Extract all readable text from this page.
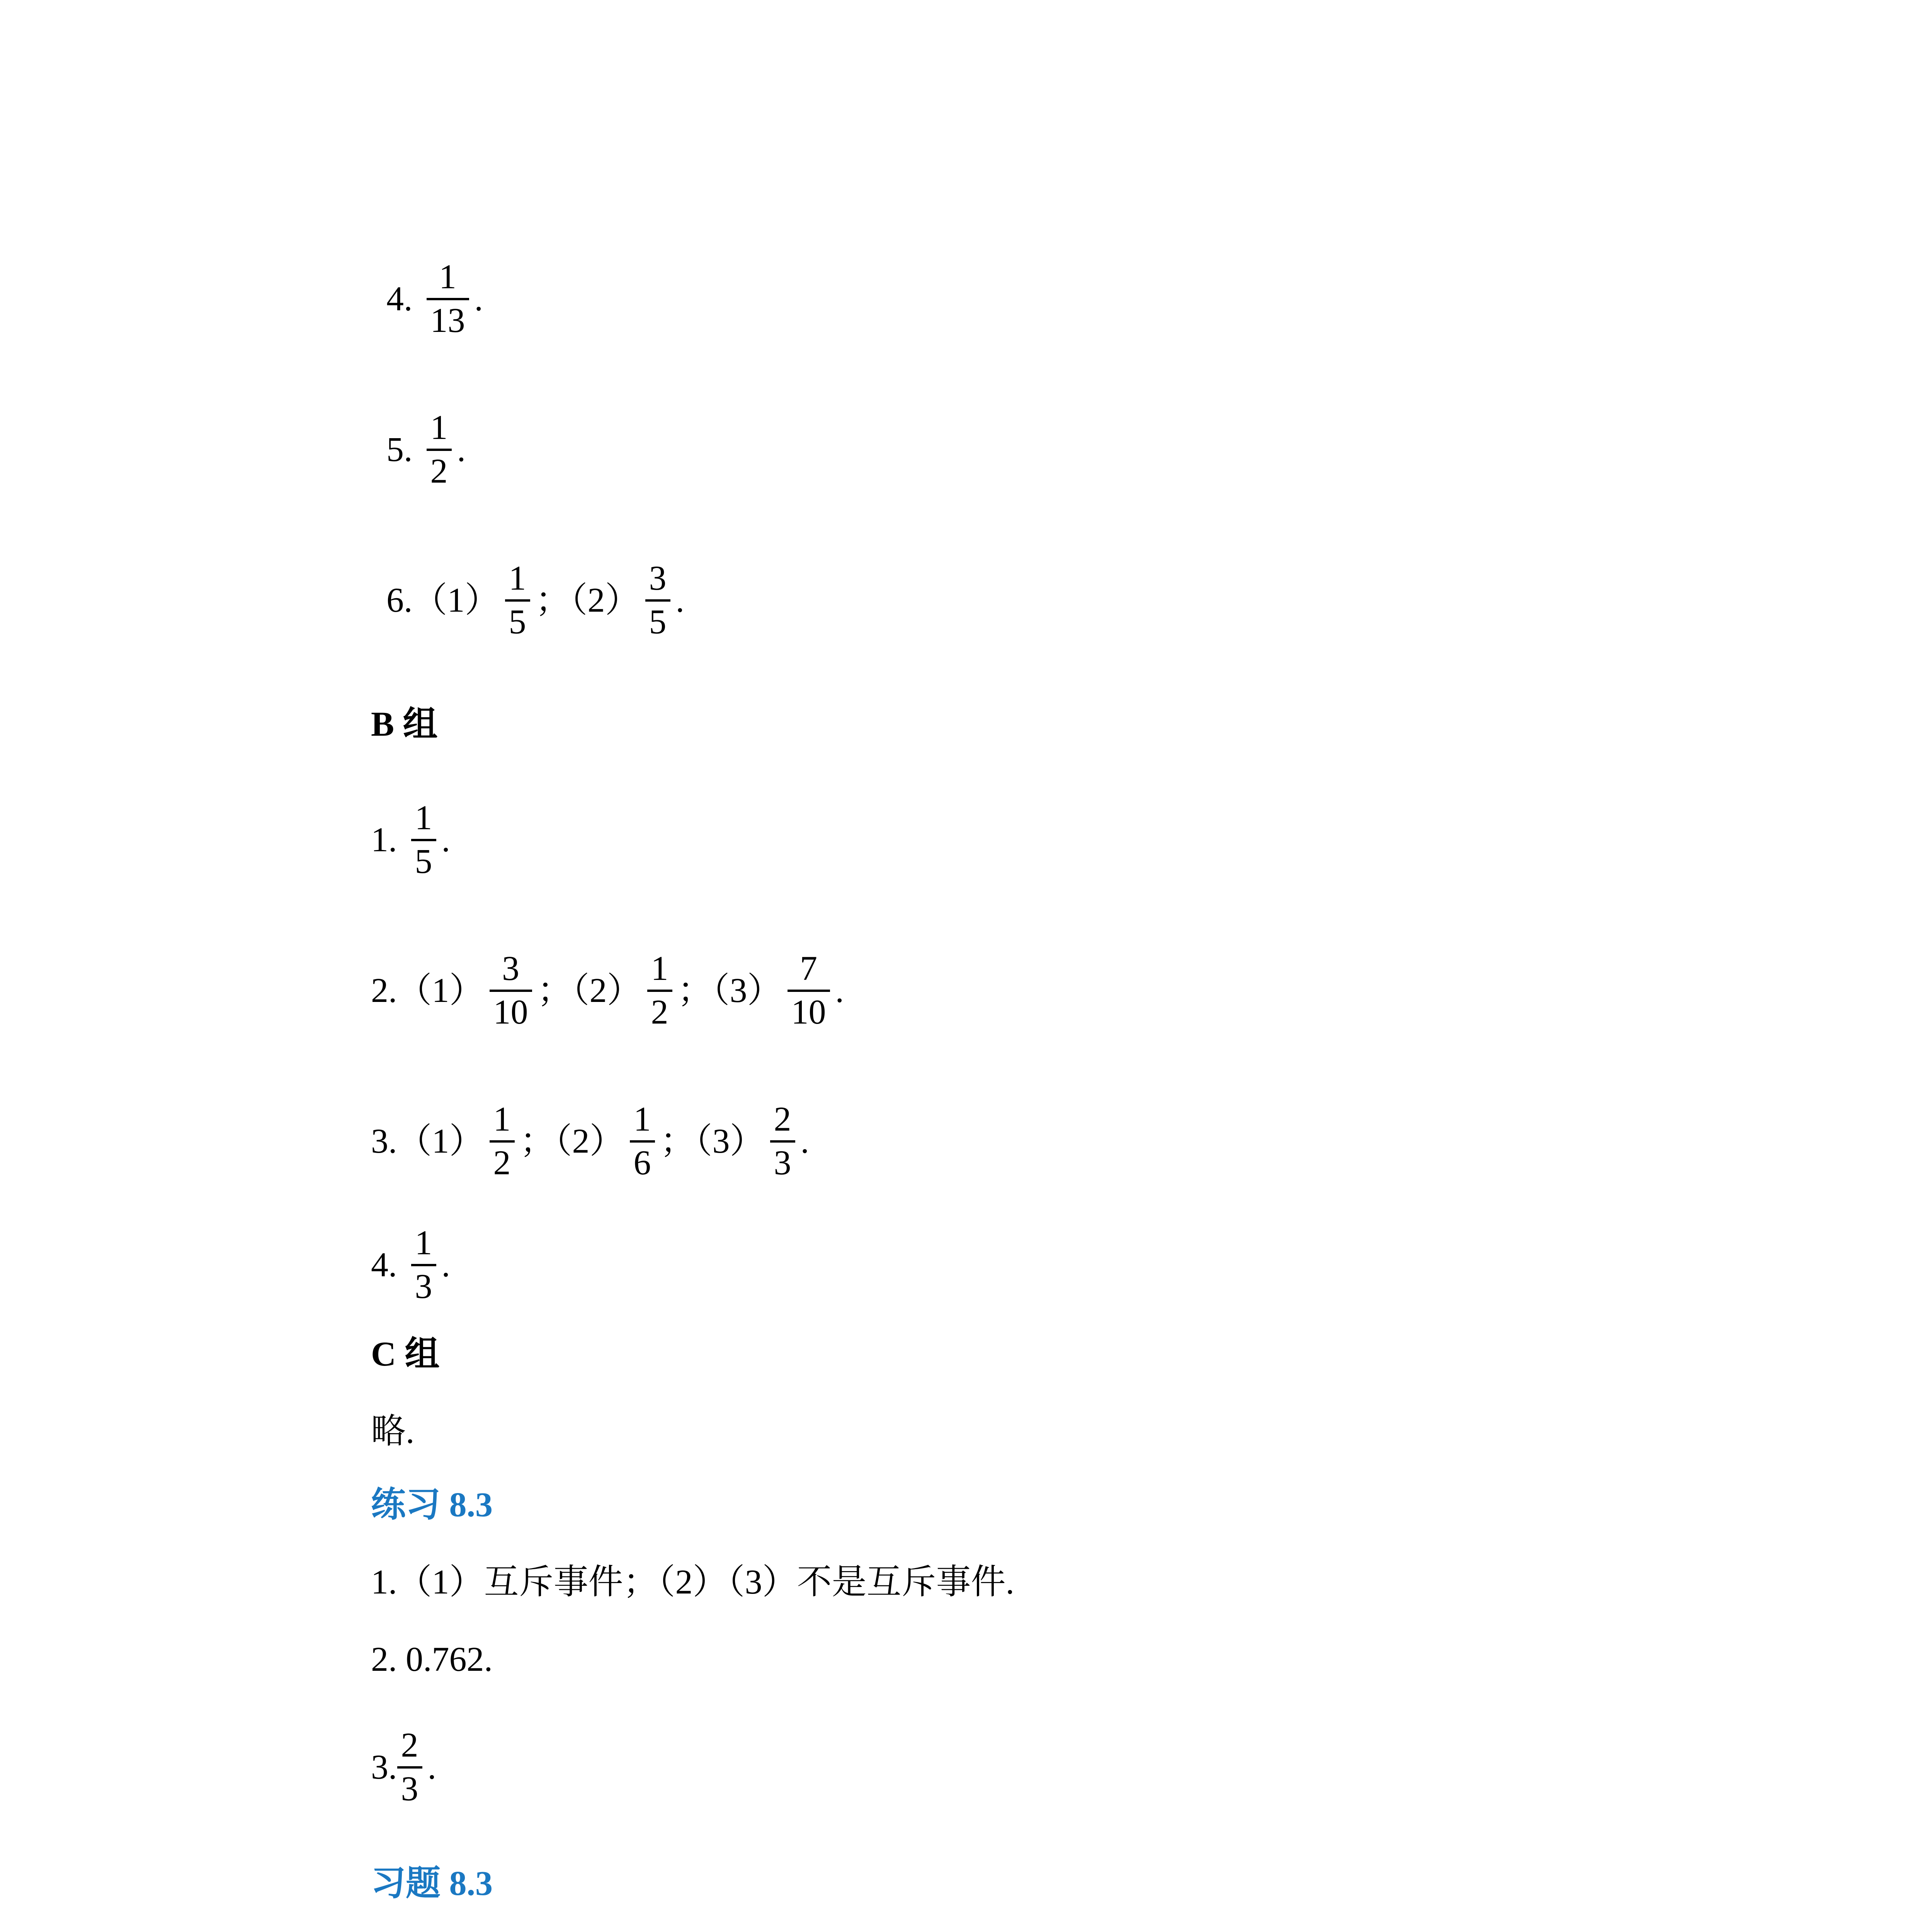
4.
1
13
.
5.
1
2
.
6.（1）
1
5
；（2）
3
5
.
B 组
1.
1
5
.
2.（1）
3
10
；（2）
1
2
；（3）
7
10
.
3.（1）
1
2
；（2）
1
6
；（3）
2
3
.
4.
1
3
.
C 组
略.
练习 8.3
1.（1）互斥事件；（2）（3）不是互斥事件.
2. 0.762.
3.
2
3
.
习题 8.3
